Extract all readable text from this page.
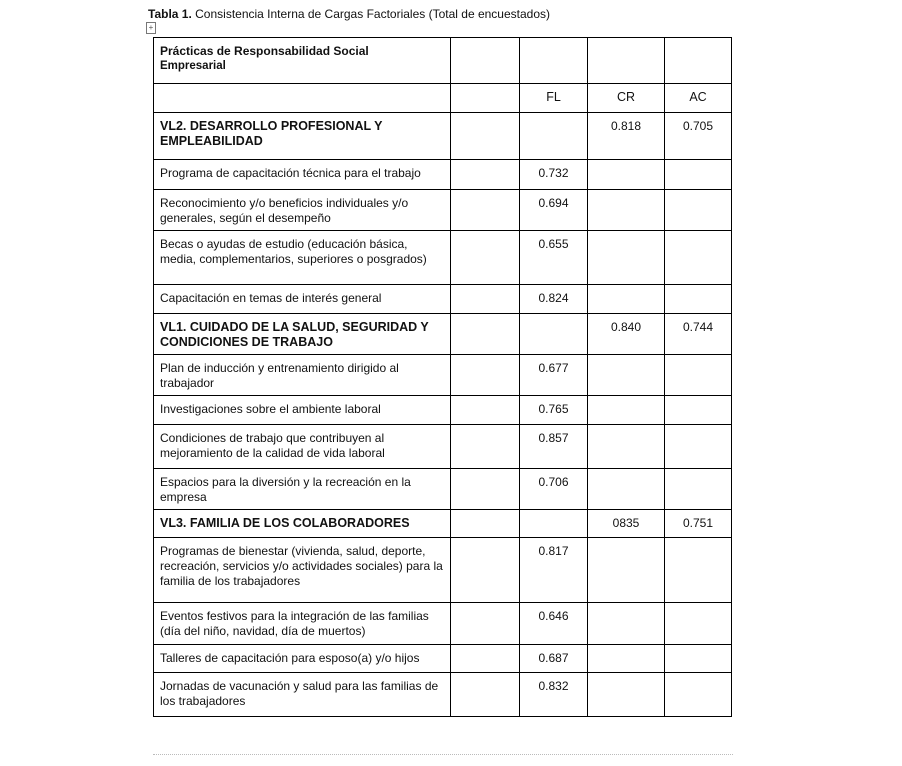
Tabla 1. Consistencia Interna de Cargas Factoriales (Total de encuestados)
+
Prácticas de Responsabilidad Social
Empresarial				

		FL	CR	AC
VL2. DESARROLLO PROFESIONAL Y EMPLEABILIDAD			0.818	0.705
Programa de capacitación técnica para el trabajo		0.732		
Reconocimiento y/o beneficios individuales y/o generales, según el desempeño		0.694		
Becas o ayudas de estudio (educación básica, media, complementarios, superiores o posgrados)		0.655		
Capacitación en temas de interés general		0.824		
VL1. CUIDADO DE LA SALUD, SEGURIDAD Y CONDICIONES DE TRABAJO			0.840	0.744
Plan de inducción y entrenamiento dirigido al trabajador		0.677		
Investigaciones sobre el ambiente laboral		0.765		
Condiciones de trabajo que contribuyen al mejoramiento de la calidad de vida laboral		0.857		
Espacios para la diversión y la recreación en la empresa		0.706		
VL3. FAMILIA DE LOS COLABORADORES			0835	0.751
Programas de bienestar (vivienda, salud, deporte, recreación, servicios y/o actividades sociales) para la familia de los trabajadores		0.817		
Eventos festivos para la integración de las familias (día del niño, navidad, día de muertos)		0.646		
Talleres de capacitación para esposo(a) y/o hijos		0.687		
Jornadas de vacunación y salud para las familias de los trabajadores		0.832		
